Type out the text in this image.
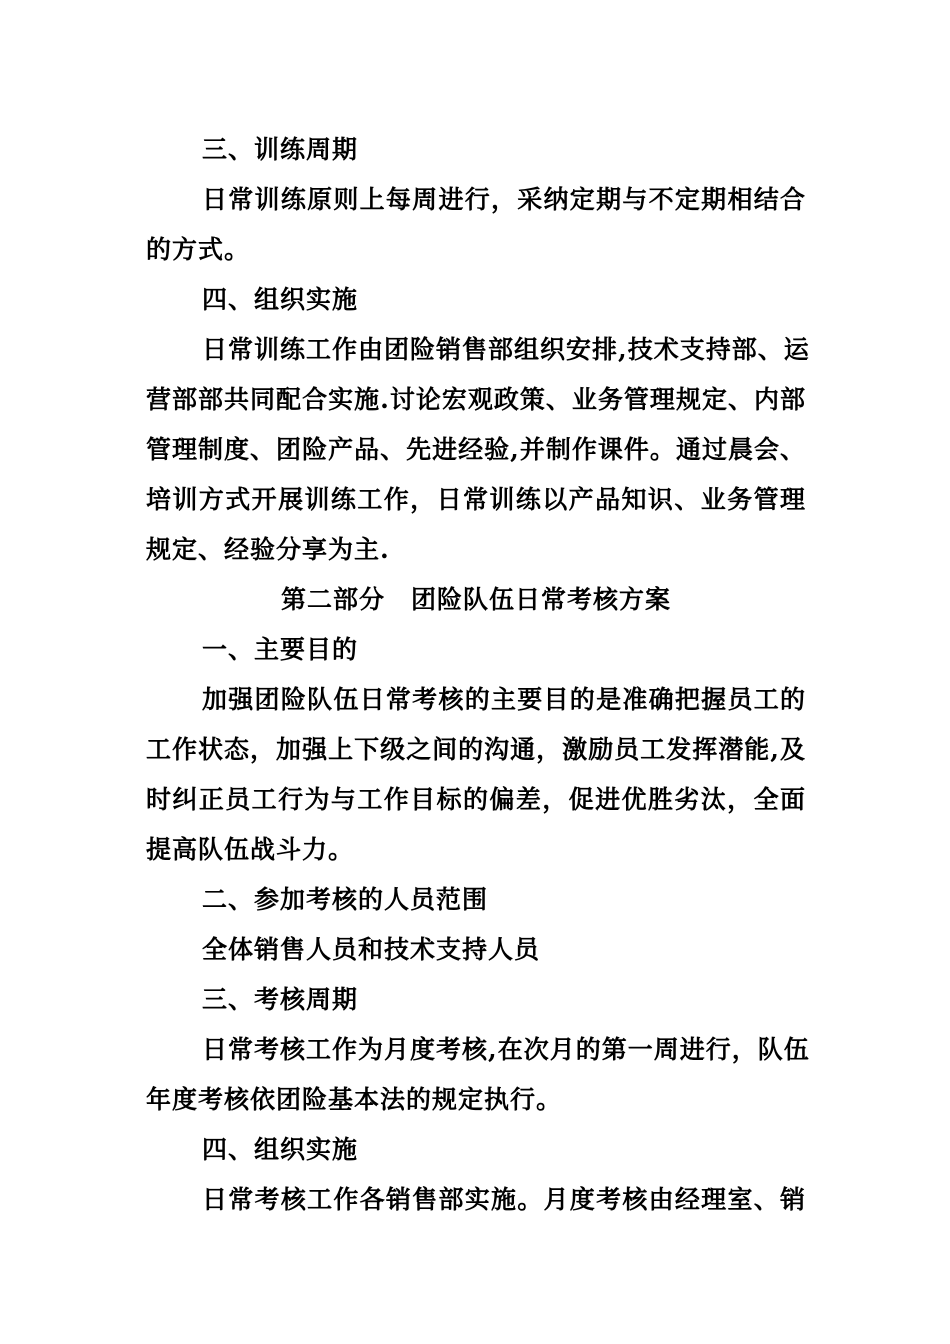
三、训练周期
日常训练原则上每周进行，采纳定期与不定期相结合
的方式。
四、组织实施
日常训练工作由团险销售部组织安排,技术支持部、运
营部部共同配合实施.讨论宏观政策、业务管理规定、内部
管理制度、团险产品、先进经验,并制作课件。通过晨会、
培训方式开展训练工作，日常训练以产品知识、业务管理
规定、经验分享为主.
第二部分　团险队伍日常考核方案
一、主要目的
加强团险队伍日常考核的主要目的是准确把握员工的
工作状态，加强上下级之间的沟通，激励员工发挥潜能,及
时纠正员工行为与工作目标的偏差，促进优胜劣汰，全面
提高队伍战斗力。
二、参加考核的人员范围
全体销售人员和技术支持人员
三、考核周期
日常考核工作为月度考核,在次月的第一周进行，队伍
年度考核依团险基本法的规定执行。
四、组织实施
日常考核工作各销售部实施。月度考核由经理室、销
